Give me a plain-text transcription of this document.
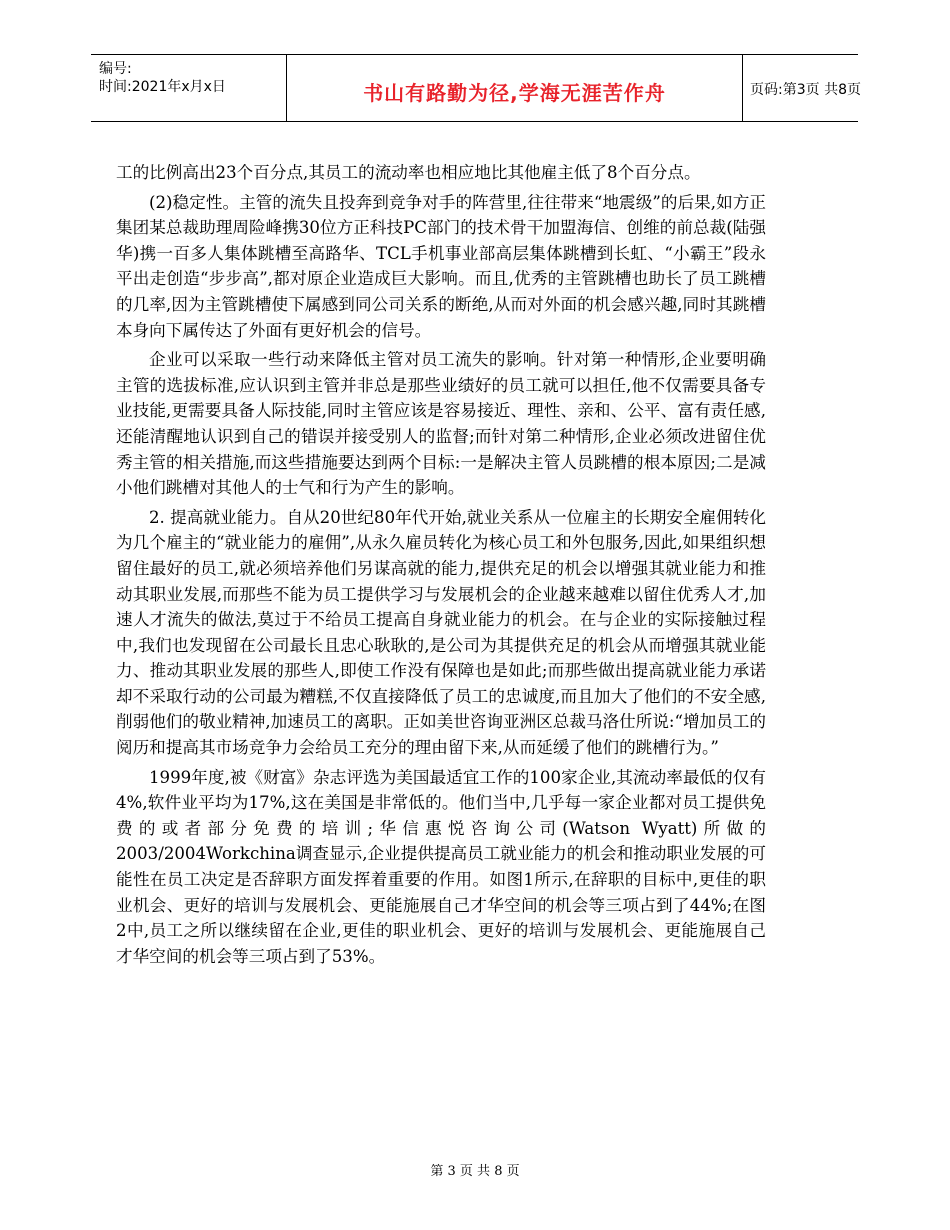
编号:
时间:2021年x月x日	书山有路勤为径,学海无涯苦作舟	页码:第3页 共8页

工的比例高出23个百分点,其员工的流动率也相应地比其他雇主低了8个百分点。

(2)稳定性。主管的流失且投奔到竞争对手的阵营里,往往带来“地震级”的后果,如方正集团某总裁助理周险峰携30位方正科技PC部门的技术骨干加盟海信、创维的前总裁(陆强华)携一百多人集体跳槽至高路华、TCL手机事业部高层集体跳槽到长虹、“小霸王”段永平出走创造“步步高”,都对原企业造成巨大影响。而且,优秀的主管跳槽也助长了员工跳槽的几率,因为主管跳槽使下属感到同公司关系的断绝,从而对外面的机会感兴趣,同时其跳槽本身向下属传达了外面有更好机会的信号。

企业可以采取一些行动来降低主管对员工流失的影响。针对第一种情形,企业要明确主管的选拔标准,应认识到主管并非总是那些业绩好的员工就可以担任,他不仅需要具备专业技能,更需要具备人际技能,同时主管应该是容易接近、理性、亲和、公平、富有责任感,还能清醒地认识到自己的错误并接受别人的监督;而针对第二种情形,企业必须改进留住优秀主管的相关措施,而这些措施要达到两个目标:一是解决主管人员跳槽的根本原因;二是减小他们跳槽对其他人的士气和行为产生的影响。

2. 提高就业能力。自从20世纪80年代开始,就业关系从一位雇主的长期安全雇佣转化为几个雇主的“就业能力的雇佣”,从永久雇员转化为核心员工和外包服务,因此,如果组织想留住最好的员工,就必须培养他们另谋高就的能力,提供充足的机会以增强其就业能力和推动其职业发展,而那些不能为员工提供学习与发展机会的企业越来越难以留住优秀人才,加速人才流失的做法,莫过于不给员工提高自身就业能力的机会。在与企业的实际接触过程中,我们也发现留在公司最长且忠心耿耿的,是公司为其提供充足的机会从而增强其就业能力、推动其职业发展的那些人,即使工作没有保障也是如此;而那些做出提高就业能力承诺却不采取行动的公司最为糟糕,不仅直接降低了员工的忠诚度,而且加大了他们的不安全感,削弱他们的敬业精神,加速员工的离职。正如美世咨询亚洲区总裁马洛仕所说:“增加员工的阅历和提高其市场竞争力会给员工充分的理由留下来,从而延缓了他们的跳槽行为。”

1999年度,被《财富》杂志评选为美国最适宜工作的100家企业,其流动率最低的仅有4%,软件业平均为17%,这在美国是非常低的。他们当中,几乎每一家企业都对员工提供免费的或者部分免费的培训;华信惠悦咨询公司(Watson Wyatt)所做的2003/2004Workchina调查显示,企业提供提高员工就业能力的机会和推动职业发展的可能性在员工决定是否辞职方面发挥着重要的作用。如图1所示,在辞职的目标中,更佳的职业机会、更好的培训与发展机会、更能施展自己才华空间的机会等三项占到了44%;在图2中,员工之所以继续留在企业,更佳的职业机会、更好的培训与发展机会、更能施展自己才华空间的机会等三项占到了53%。

第 3 页 共 8 页
